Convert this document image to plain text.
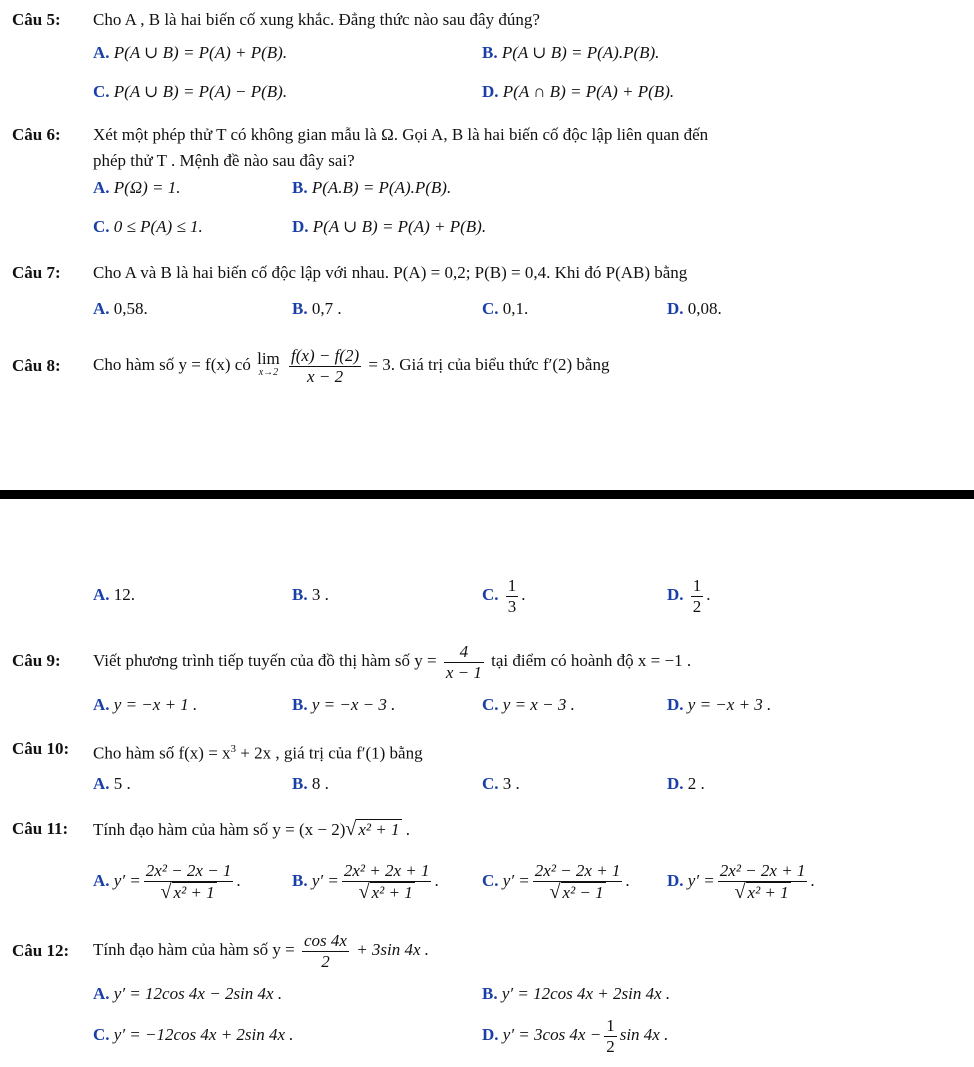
Câu 5: Cho A , B là hai biến cố xung khắc. Đẳng thức nào sau đây đúng?
A. P(A ∪ B) = P(A) + P(B).	B. P(A ∪ B) = P(A).P(B).
C. P(A ∪ B) = P(A) − P(B).	D. P(A ∩ B) = P(A) + P(B).
Câu 6: Xét một phép thử T có không gian mẫu là Ω. Gọi A, B là hai biến cố độc lập liên quan đến
phép thử T . Mệnh đề nào sau đây sai?
A. P(Ω) = 1.	B. P(A.B) = P(A).P(B).
C. 0 ≤ P(A) ≤ 1.	D. P(A ∪ B) = P(A) + P(B).
Câu 7: Cho A và B là hai biến cố độc lập với nhau. P(A) = 0,2; P(B) = 0,4. Khi đó P(AB) bằng
A. 0,58.	B. 0,7 .	C. 0,1.	D. 0,08.
Câu 8: Cho hàm số y = f(x) có lim
x→2
$\frac{f(x) - f(2)}{x - 2} = 3$. Giá trị của biểu thức f′(2) bằng
A. 12.	B. 3 .	C. $\frac{1}{3}$ .	D. $\frac{1}{2}$ .
Câu 9: Viết phương trình tiếp tuyến của đồ thị hàm số $y = \frac{4}{x - 1}$ tại điểm có hoành độ x = −1 .
A. y = −x + 1 .	B. y = −x − 3 .	C. y = x − 3 .	D. y = −x + 3 .
Câu 10: Cho hàm số $f(x) = x^3 + 2x$ , giá trị của f′(1) bằng
A. 5 .	B. 8 .	C. 3 .	D. 2 .
Câu 11: Tính đạo hàm của hàm số y = (x − 2)√ x² + 1 .
A. $y' = \frac{\text{2x² − 2x − 1}}{\text{√ x² + 1}}$ .	B. $y' = \frac{\text{2x² + 2x + 1}}{\text{√ x² + 1}}$ .	C. $y' = \frac{\text{2x² − 2x + 1}}{\text{√ x² − 1}}$ . D. $y' = \frac{\text{2x² − 2x + 1}}{\text{√ x² + 1}}$ .
Câu 12: Tính đạo hàm của hàm số $y = \frac{\cos 4x}{2} + 3\sin$ 4x .
A. y′ = 12cos 4x − 2sin 4x .	B. y′ = 12cos 4x + 2sin 4x .
C. y′ = −12cos 4x + 2sin 4x .	D. y′ = 3cos $4x - \frac{1}{2}$ sin 4x .
